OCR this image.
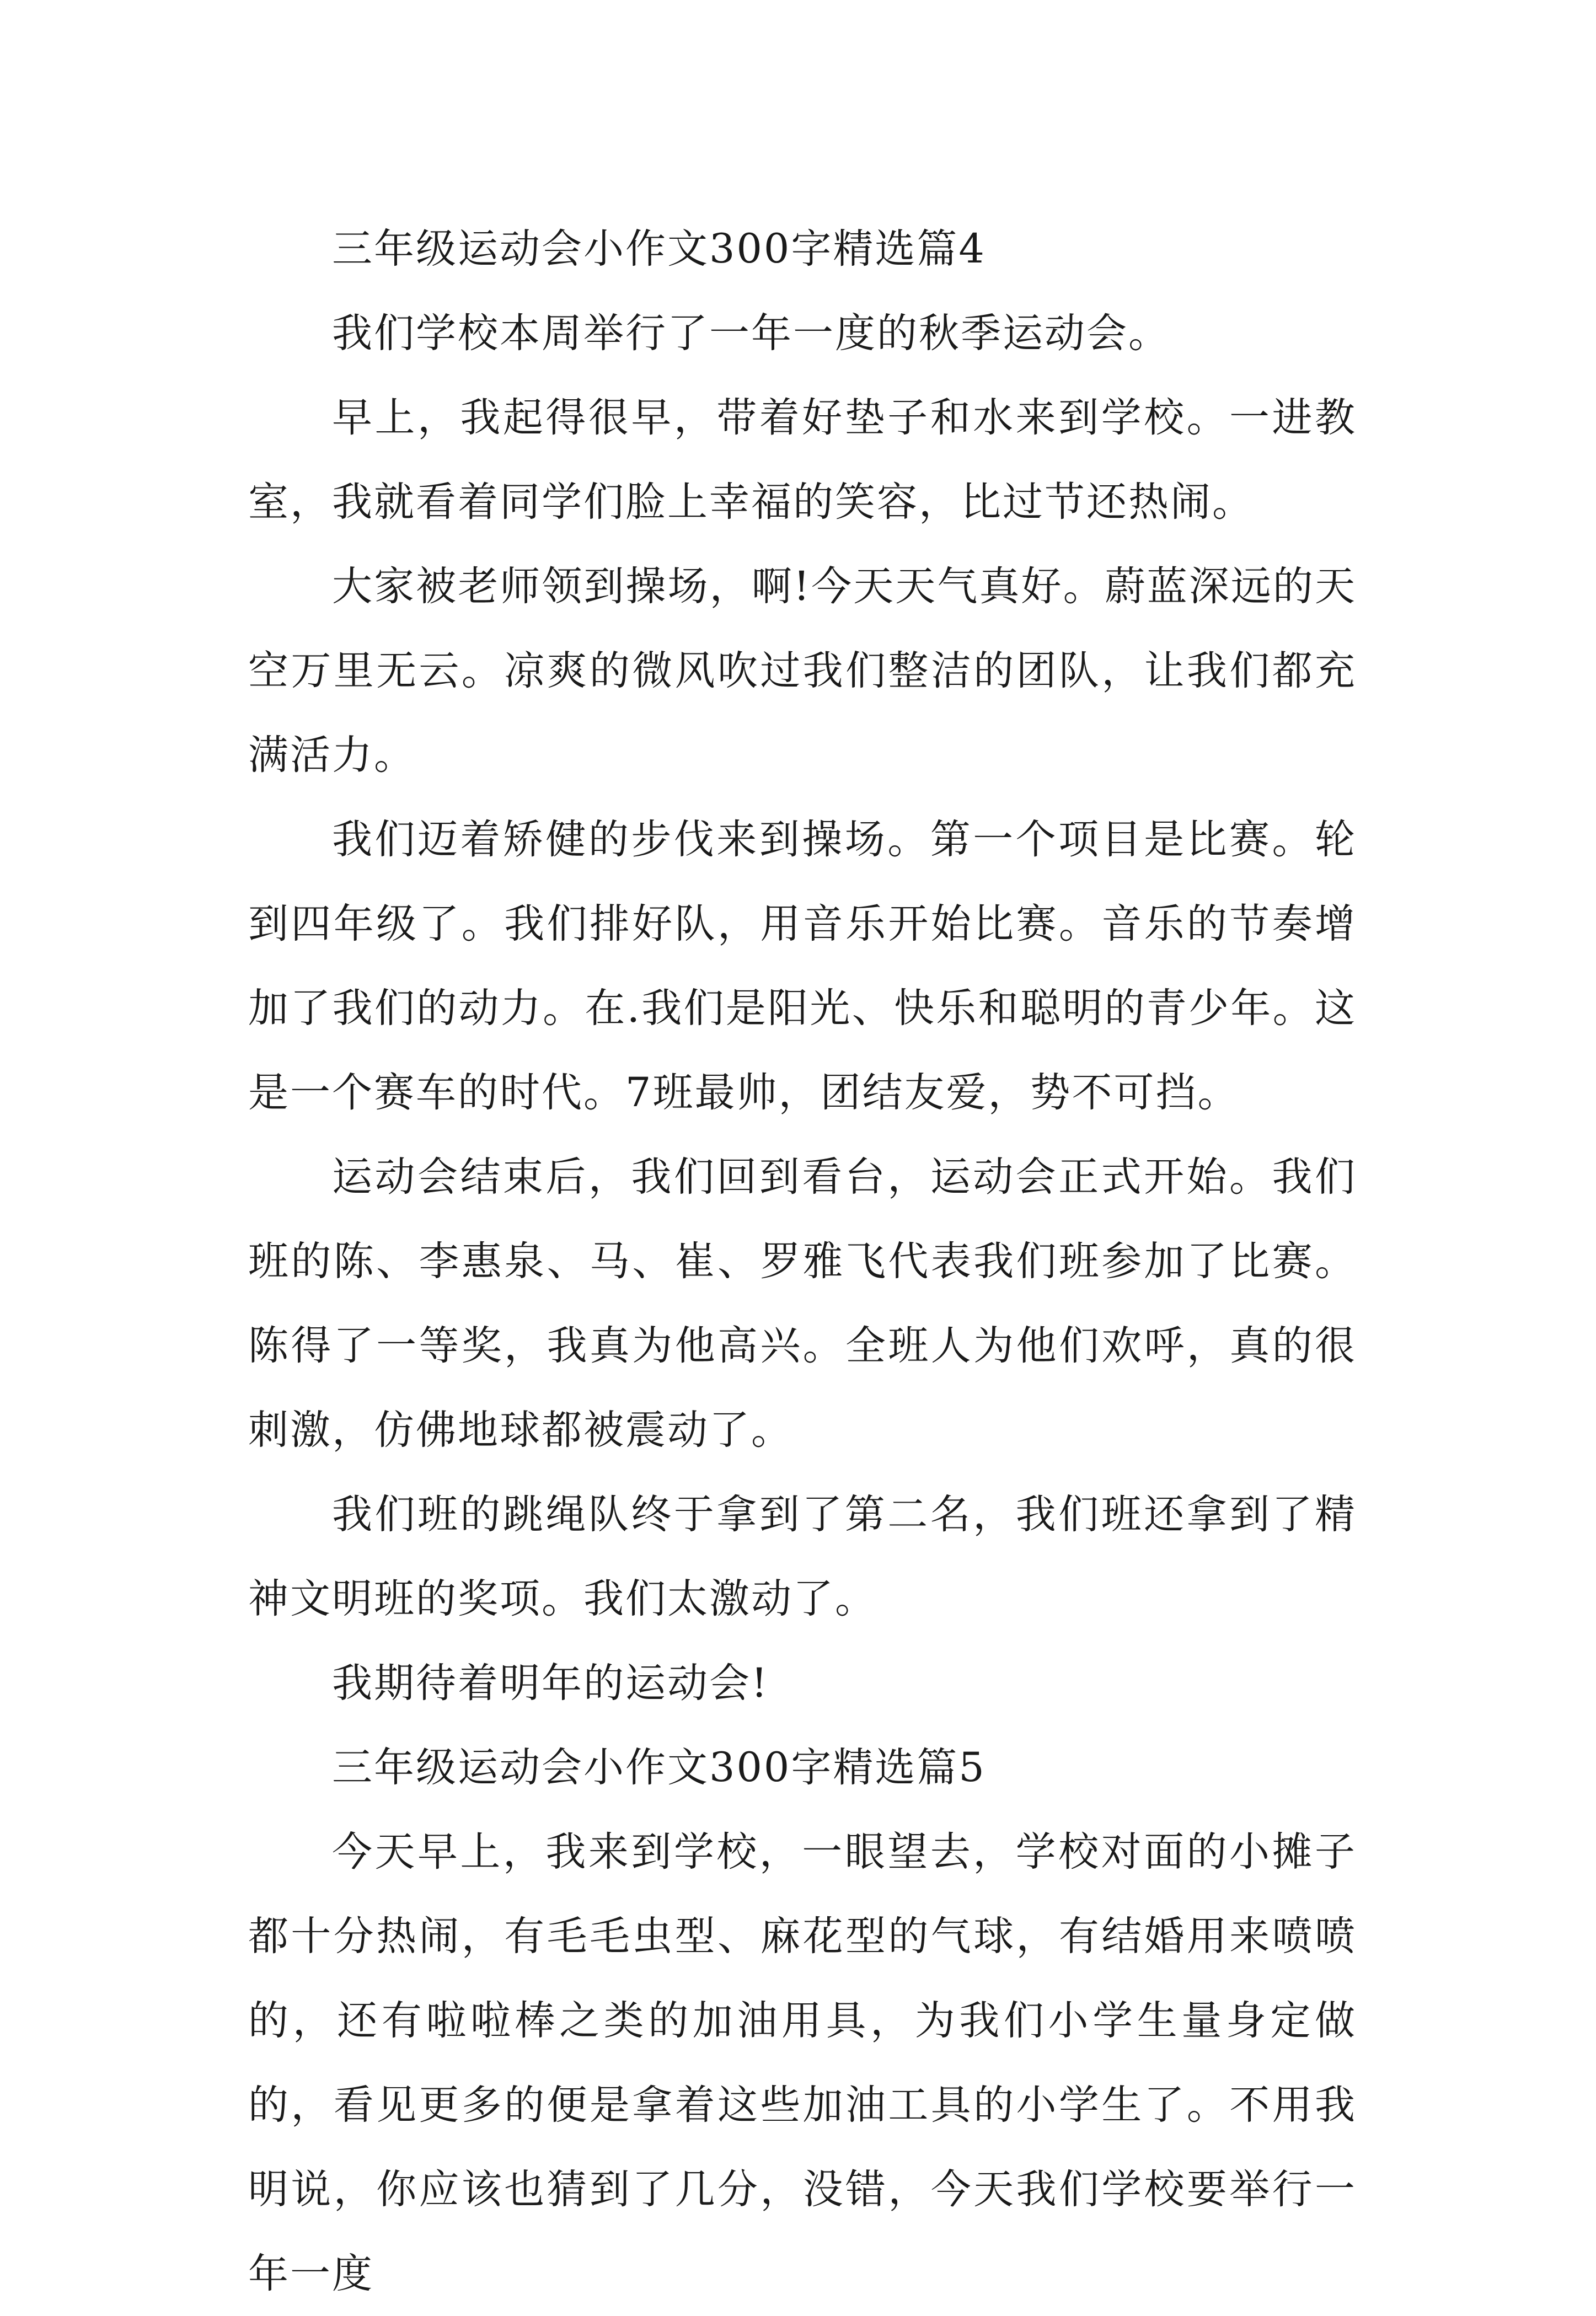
三年级运动会小作文300字精选篇4

我们学校本周举行了一年一度的秋季运动会。

早上，我起得很早，带着好垫子和水来到学校。一进教室，我就看着同学们脸上幸福的笑容，比过节还热闹。

大家被老师领到操场，啊!今天天气真好。蔚蓝深远的天空万里无云。凉爽的微风吹过我们整洁的团队，让我们都充满活力。

我们迈着矫健的步伐来到操场。第一个项目是比赛。轮到四年级了。我们排好队，用音乐开始比赛。音乐的节奏增加了我们的动力。在.我们是阳光、快乐和聪明的青少年。这是一个赛车的时代。7班最帅，团结友爱，势不可挡。

运动会结束后，我们回到看台，运动会正式开始。我们班的陈、李惠泉、马、崔、罗雅飞代表我们班参加了比赛。陈得了一等奖，我真为他高兴。全班人为他们欢呼，真的很刺激，仿佛地球都被震动了。

我们班的跳绳队终于拿到了第二名，我们班还拿到了精神文明班的奖项。我们太激动了。

我期待着明年的运动会!

三年级运动会小作文300字精选篇5

今天早上，我来到学校，一眼望去，学校对面的小摊子都十分热闹，有毛毛虫型、麻花型的气球，有结婚用来喷喷的，还有啦啦棒之类的加油用具，为我们小学生量身定做的，看见更多的便是拿着这些加油工具的小学生了。不用我明说，你应该也猜到了几分，没错，今天我们学校要举行一年一度
